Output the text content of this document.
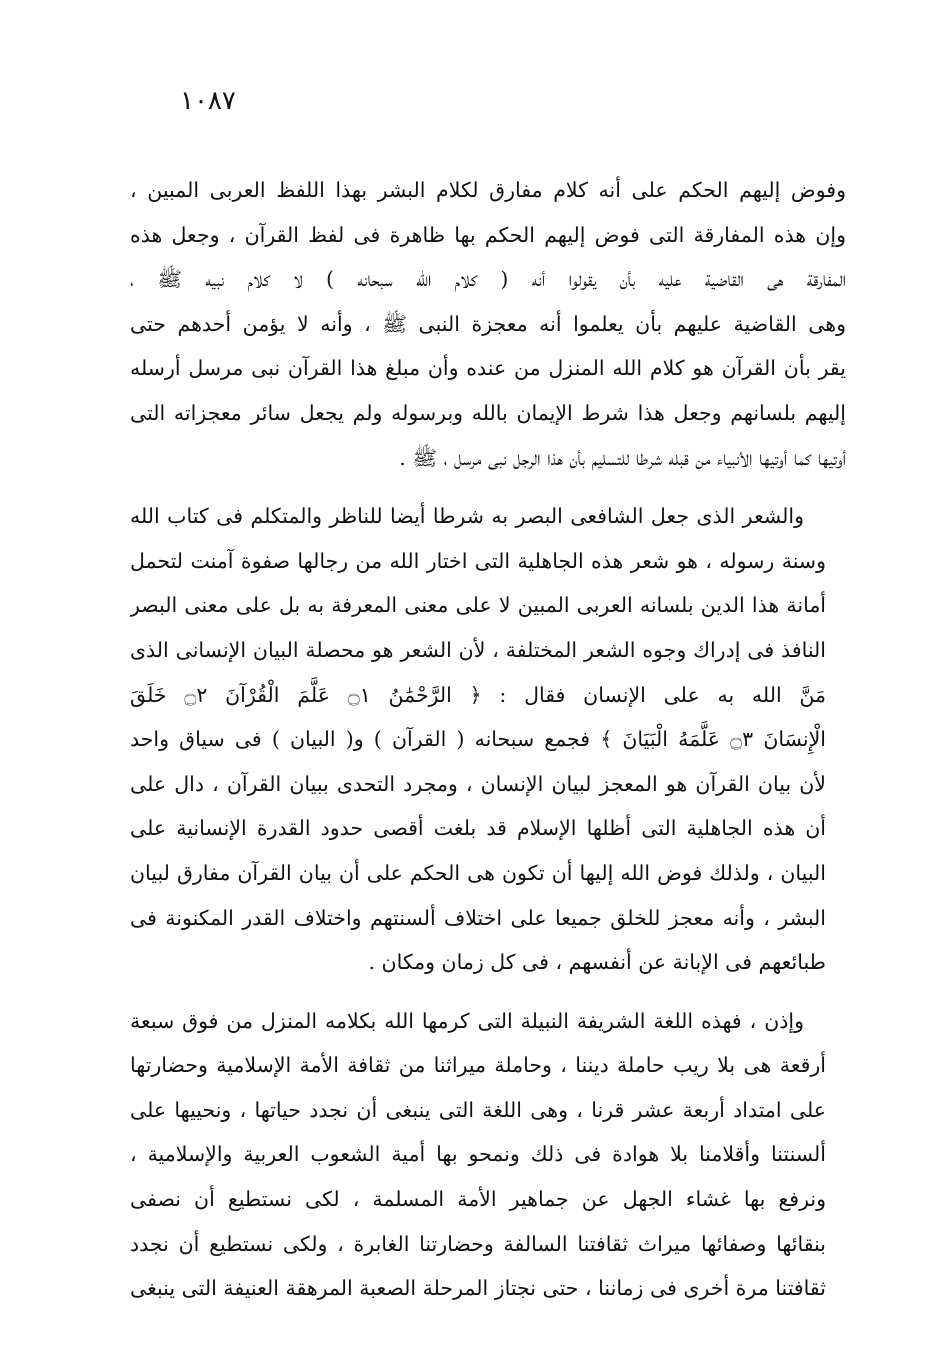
١٠٨٧
وفوض إليهم الحكم على أنه كلام مفارق لكلام البشر بهذا اللفظ العربى المبين ،
وإن هذه المفارقة التى فوض إليهم الحكم بها ظاهرة فى لفظ القرآن ، وجعل هذه
المفارقة هى القاضية عليه بأن يقولوا أنه ( كلام الله سبحانه ) لا كلام نبيه ﷺ ،
وهى القاضية عليهم بأن يعلموا أنه معجزة النبى ﷺ ، وأنه لا يؤمن أحدهم حتى
يقر بأن القرآن هو كلام الله المنزل من عنده وأن مبلغ هذا القرآن نبى مرسل أرسله
إليهم بلسانهم وجعل هذا شرط الإيمان بالله وبرسوله ولم يجعل سائر معجزاته التى
أوتيها كما أوتيها الأنبياء من قبله شرطا للتسليم بأن هذا الرجل نبى مرسل ، ﷺ .
والشعر الذى جعل الشافعى البصر به شرطا أيضا للناظر والمتكلم فى كتاب الله
وسنة رسوله ، هو شعر هذه الجاهلية التى اختار الله من رجالها صفوة آمنت لتحمل
أمانة هذا الدين بلسانه العربى المبين لا على معنى المعرفة به بل على معنى البصر
النافذ فى إدراك وجوه الشعر المختلفة ، لأن الشعر هو محصلة البيان الإنسانى الذى
مَنَّ الله به على الإنسان فقال : ﴿ الرَّحْمَٰنُ ۝١ عَلَّمَ الْقُرْآنَ ۝٢ خَلَقَ
الْإِنسَانَ ۝٣ عَلَّمَهُ الْبَيَانَ ﴾ فجمع سبحانه ( القرآن ) و( البيان ) فى سياق واحد
لأن بيان القرآن هو المعجز لبيان الإنسان ، ومجرد التحدى ببيان القرآن ، دال على
أن هذه الجاهلية التى أظلها الإسلام قد بلغت أقصى حدود القدرة الإنسانية على
البيان ، ولذلك فوض الله إليها أن تكون هى الحكم على أن بيان القرآن مفارق لبيان
البشر ، وأنه معجز للخلق جميعا على اختلاف ألسنتهم واختلاف القدر المكنونة فى
طبائعهم فى الإبانة عن أنفسهم ، فى كل زمان ومكان .
وإذن ، فهذه اللغة الشريفة النبيلة التى كرمها الله بكلامه المنزل من فوق سبعة
أرقعة هى بلا ريب حاملة ديننا ، وحاملة ميراثنا من ثقافة الأمة الإسلامية وحضارتها
على امتداد أربعة عشر قرنا ، وهى اللغة التى ينبغى أن نجدد حياتها ، ونحييها على
ألسنتنا وأقلامنا بلا هوادة فى ذلك ونمحو بها أمية الشعوب العربية والإسلامية ،
ونرفع بها غشاء الجهل عن جماهير الأمة المسلمة ، لكى نستطيع أن نصفى
بنقائها وصفائها ميراث ثقافتنا السالفة وحضارتنا الغابرة ، ولكى نستطيع أن نجدد
ثقافتنا مرة أخرى فى زماننا ، حتى نجتاز المرحلة الصعبة المرهقة العنيفة التى ينبغى
